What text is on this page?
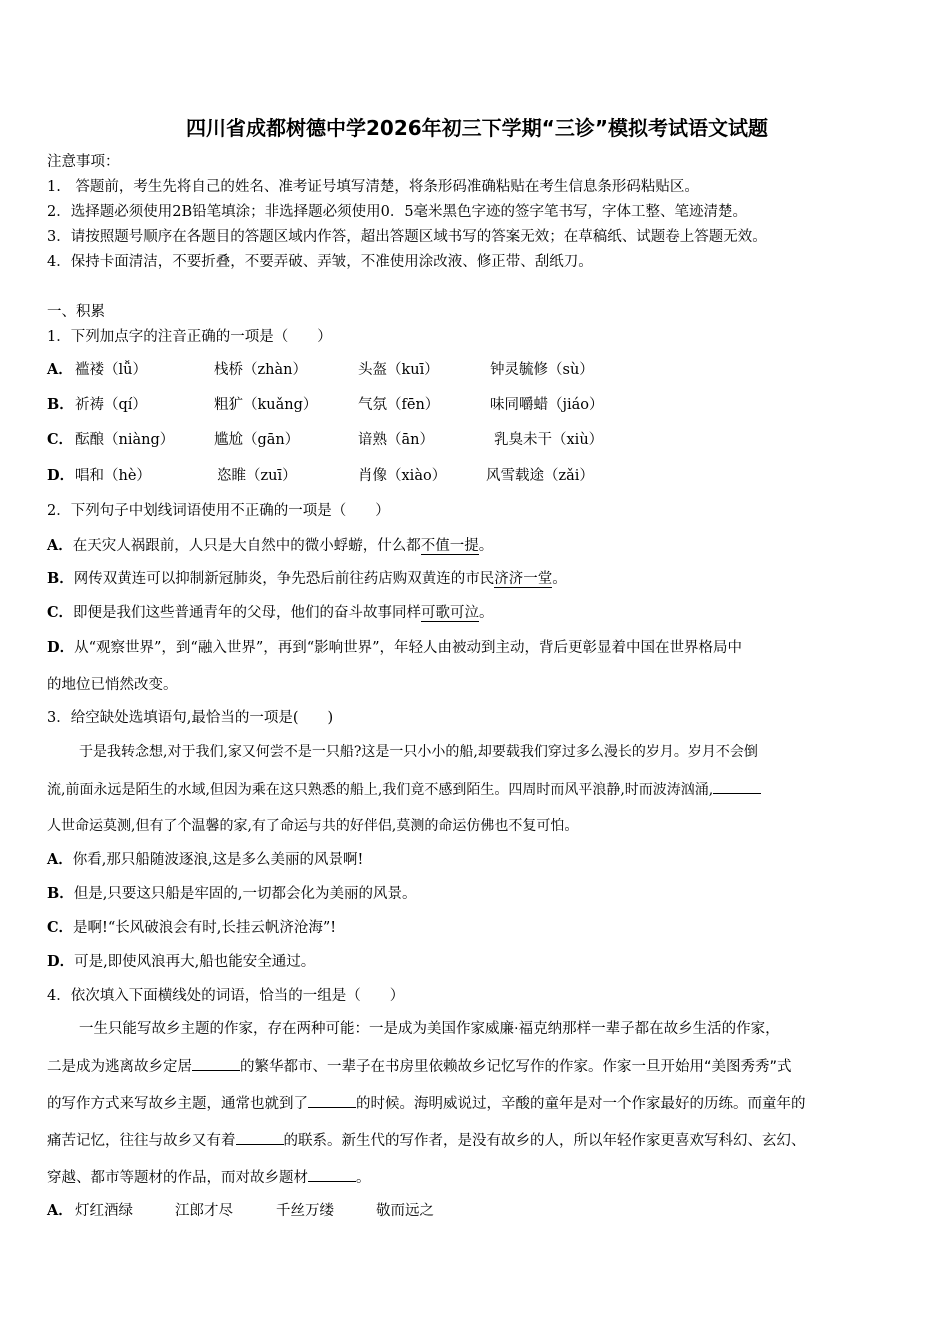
四川省成都树德中学2026年初三下学期“三诊”模拟考试语文试题
注意事项：
1.　答题前，考生先将自己的姓名、准考证号填写清楚，将条形码准确粘贴在考生信息条形码粘贴区。
2．选择题必须使用2B铅笔填涂；非选择题必须使用0．5毫米黑色字迹的签字笔书写，字体工整、笔迹清楚。
3．请按照题号顺序在各题目的答题区域内作答，超出答题区域书写的答案无效；在草稿纸、试题卷上答题无效。
4．保持卡面清洁，不要折叠，不要弄破、弄皱，不准使用涂改液、修正带、刮纸刀。
一、积累
1．下列加点字的注音正确的一项是（　　）
A． 褴褛（lǚ）	栈桥（zhàn）	头盔（kuī）	钟灵毓修（sù）
B． 祈祷（qí）	粗犷（kuǎng）	气氛（fēn）	味同嚼蜡（jiáo）
C． 酝酿（niàng）	尴尬（gān）	谙熟（ān）	乳臭未干（xiù）
D． 唱和（hè）	恣睢（zuī）	肖像（xiào）	风雪载途（zǎi）
2．下列句子中划线词语使用不正确的一项是（　　）
A．在天灾人祸跟前，人只是大自然中的微小蜉蝣，什么都不值一提。
B．网传双黄连可以抑制新冠肺炎，争先恐后前往药店购双黄连的市民济济一堂。
C．即便是我们这些普通青年的父母，他们的奋斗故事同样可歌可泣。
D．从“观察世界”，到“融入世界”，再到“影响世界”，年轻人由被动到主动，背后更彰显着中国在世界格局中
的地位已悄然改变。
3．给空缺处选填语句,最恰当的一项是(　　)
于是我转念想,对于我们,家又何尝不是一只船?这是一只小小的船,却要载我们穿过多么漫长的岁月。岁月不会倒
流,前面永远是陌生的水域,但因为乘在这只熟悉的船上,我们竟不感到陌生。四周时而风平浪静,时而波涛汹涌,
人世命运莫测,但有了个温馨的家,有了命运与共的好伴侣,莫测的命运仿佛也不复可怕。
A．你看,那只船随波逐浪,这是多么美丽的风景啊!
B．但是,只要这只船是牢固的,一切都会化为美丽的风景。
C．是啊!“长风破浪会有时,长挂云帆济沧海”!
D．可是,即使风浪再大,船也能安全通过。
4．依次填入下面横线处的词语，恰当的一组是（　　）
一生只能写故乡主题的作家，存在两种可能：一是成为美国作家威廉·福克纳那样一辈子都在故乡生活的作家，
二是成为逃离故乡定居	的繁华都市、一辈子在书房里依赖故乡记忆写作的作家。作家一旦开始用“美图秀秀”式
的写作方式来写故乡主题，通常也就到了	的时候。海明威说过，辛酸的童年是对一个作家最好的历练。而童年的
痛苦记忆，往往与故乡又有着	的联系。新生代的写作者，是没有故乡的人，所以年轻作家更喜欢写科幻、玄幻、
穿越、都市等题材的作品，而对故乡题材	。
A． 灯红酒绿	江郎才尽	千丝万缕	敬而远之
